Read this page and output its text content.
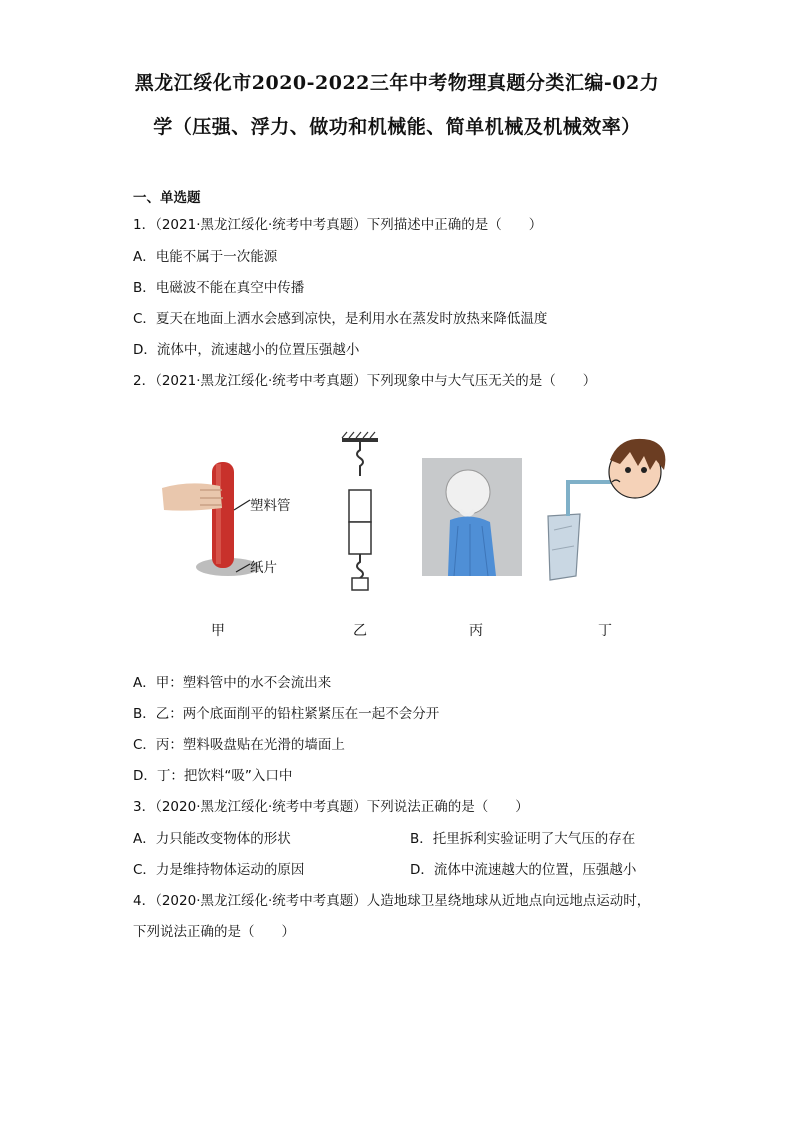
黑龙江绥化市2020-2022三年中考物理真题分类汇编-02力
学（压强、浮力、做功和机械能、简单机械及机械效率）
一、单选题
1．（2021·黑龙江绥化·统考中考真题）下列描述中正确的是（　　）
A．电能不属于一次能源
B．电磁波不能在真空中传播
C．夏天在地面上洒水会感到凉快，是利用水在蒸发时放热来降低温度
D．流体中，流速越小的位置压强越小
2．（2021·黑龙江绥化·统考中考真题）下列现象中与大气压无关的是（　　）
塑料管
纸片
甲	乙	丙	丁
A．甲：塑料管中的水不会流出来
B．乙：两个底面削平的铅柱紧紧压在一起不会分开
C．丙：塑料吸盘贴在光滑的墙面上
D．丁：把饮料“吸”入口中
3．（2020·黑龙江绥化·统考中考真题）下列说法正确的是（　　）
A．力只能改变物体的形状	B．托里拆利实验证明了大气压的存在
C．力是维持物体运动的原因	D．流体中流速越大的位置，压强越小
4．（2020·黑龙江绥化·统考中考真题）人造地球卫星绕地球从近地点向远地点运动时，
下列说法正确的是（　　）
